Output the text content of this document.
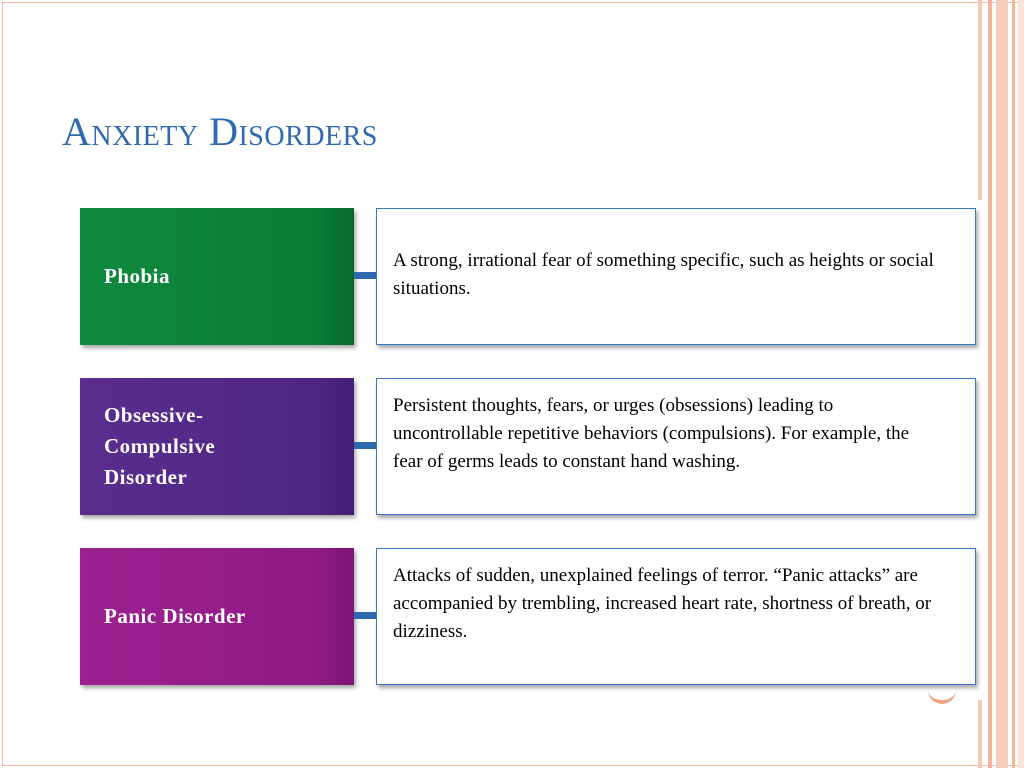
Anxiety Disorders
Phobia
A strong, irrational fear of something specific, such as heights or social situations.
Obsessive-Compulsive Disorder
Persistent thoughts, fears, or urges (obsessions) leading to uncontrollable repetitive behaviors (compulsions). For example, the fear of germs leads to constant hand washing.
Panic Disorder
Attacks of sudden, unexplained feelings of terror. “Panic attacks” are accompanied by trembling, increased heart rate, shortness of breath, or dizziness.
